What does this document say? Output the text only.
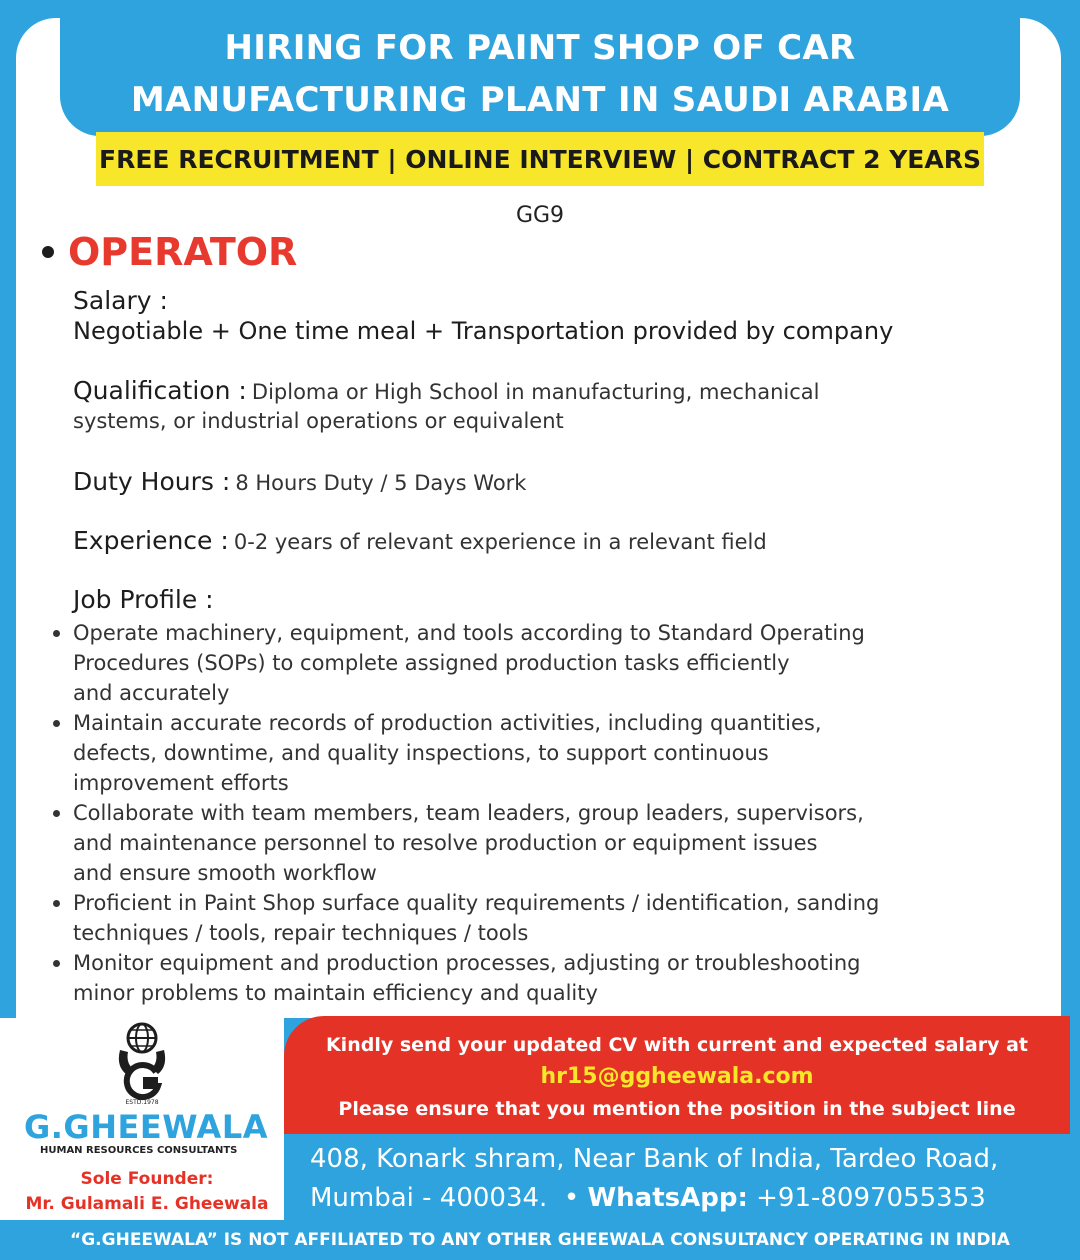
HIRING FOR PAINT SHOP OF CAR
MANUFACTURING PLANT IN SAUDI ARABIA
FREE RECRUITMENT | ONLINE INTERVIEW | CONTRACT 2 YEARS
GG9
OPERATOR
Salary :
Negotiable + One time meal + Transportation provided by company
Qualification : Diploma or High School in manufacturing, mechanical
systems, or industrial operations or equivalent
Duty Hours : 8 Hours Duty / 5 Days Work
Experience : 0-2 years of relevant experience in a relevant field
Job Profile :
Operate machinery, equipment, and tools according to Standard Operating
Procedures (SOPs) to complete assigned production tasks efficiently
and accurately
Maintain accurate records of production activities, including quantities,
defects, downtime, and quality inspections, to support continuous
improvement efforts
Collaborate with team members, team leaders, group leaders, supervisors,
and maintenance personnel to resolve production or equipment issues
and ensure smooth workflow
Proficient in Paint Shop surface quality requirements / identification, sanding
techniques / tools, repair techniques / tools
Monitor equipment and production processes, adjusting or troubleshooting
minor problems to maintain efficiency and quality
ESTD.1978
G.GHEEWALA
HUMAN RESOURCES CONSULTANTS
Sole Founder:
Mr. Gulamali E. Gheewala
Kindly send your updated CV with current and expected salary at
hr15@ggheewala.com
Please ensure that you mention the position in the subject line
408, Konark shram, Near Bank of India, Tardeo Road,
Mumbai - 400034.  • WhatsApp: +91-8097055353
“G.GHEEWALA” IS NOT AFFILIATED TO ANY OTHER GHEEWALA CONSULTANCY OPERATING IN INDIA
